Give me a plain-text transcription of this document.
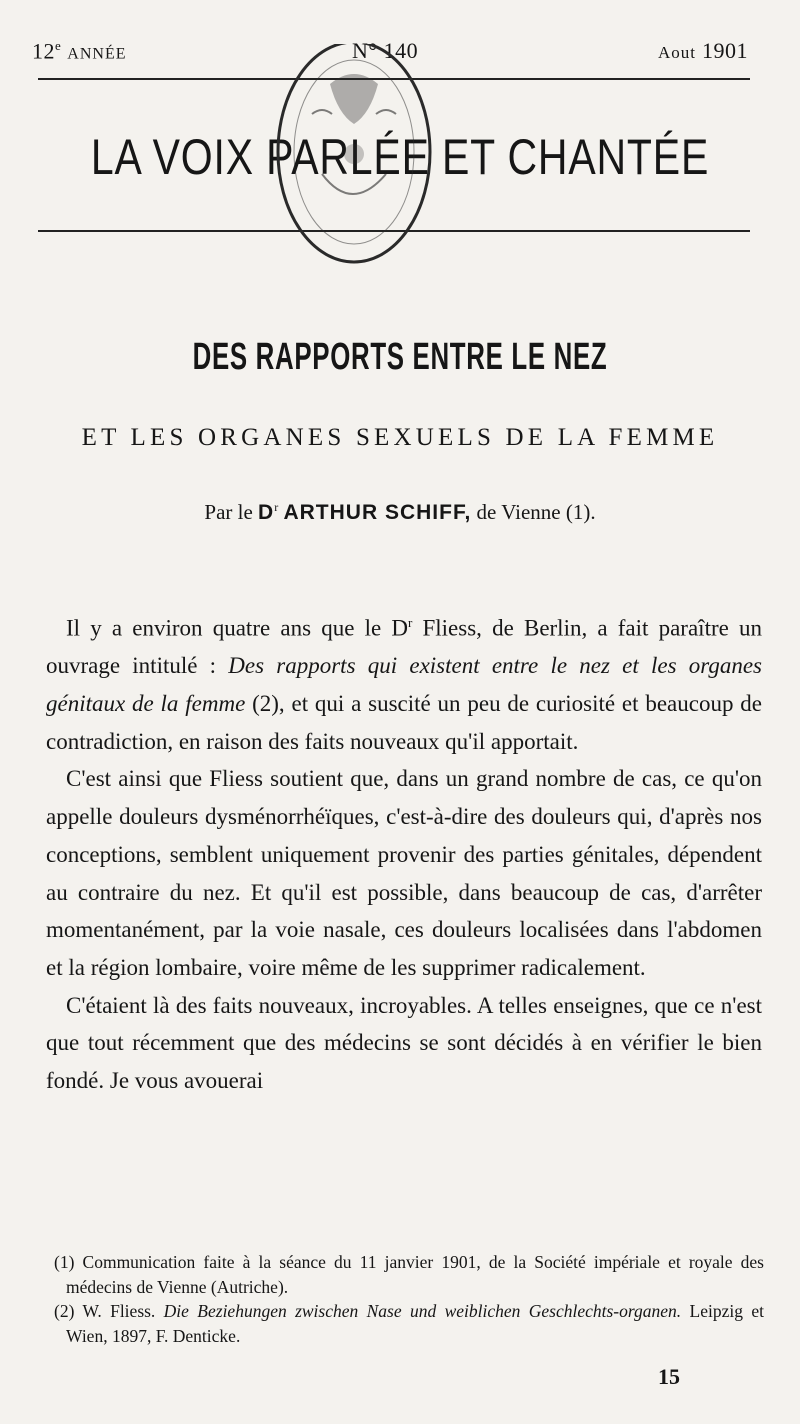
12e ANNÉE	N° 140	Aout 1901
LA VOIX PARLÉE ET CHANTÉE
DES RAPPORTS ENTRE LE NEZ
ET LES ORGANES SEXUELS DE LA FEMME
Par le $D^r$ ARTHUR SCHIFF, de Vienne (1).

Il y a environ quatre ans que le $D^r$ Fliess, de Berlin, a fait paraître un ouvrage intitulé : Des rapports qui existent entre le nez et les organes génitaux de la femme (2), et qui a suscité un peu de curiosité et beaucoup de contradiction, en raison des faits nouveaux qu'il apportait.

C'est ainsi que Fliess soutient que, dans un grand nombre de cas, ce qu'on appelle douleurs dysménorrhéïques, c'est-à-dire des douleurs qui, d'après nos conceptions, semblent uniquement provenir des parties génitales, dépendent au contraire du nez. Et qu'il est possible, dans beaucoup de cas, d'arrêter momentanément, par la voie nasale, ces douleurs localisées dans l'abdomen et la région lombaire, voire même de les supprimer radicalement.

C'étaient là des faits nouveaux, incroyables. A telles enseignes, que ce n'est que tout récemment que des médecins se sont décidés à en vérifier le bien fondé. Je vous avouerai

(1) Communication faite à la séance du 11 janvier 1901, de la Société impériale et royale des médecins de Vienne (Autriche).

(2) W. Fliess. Die Beziehungen zwischen Nase und weiblichen Geschlechts-organen. Leipzig et Wien, 1897, F. Denticke.

15
